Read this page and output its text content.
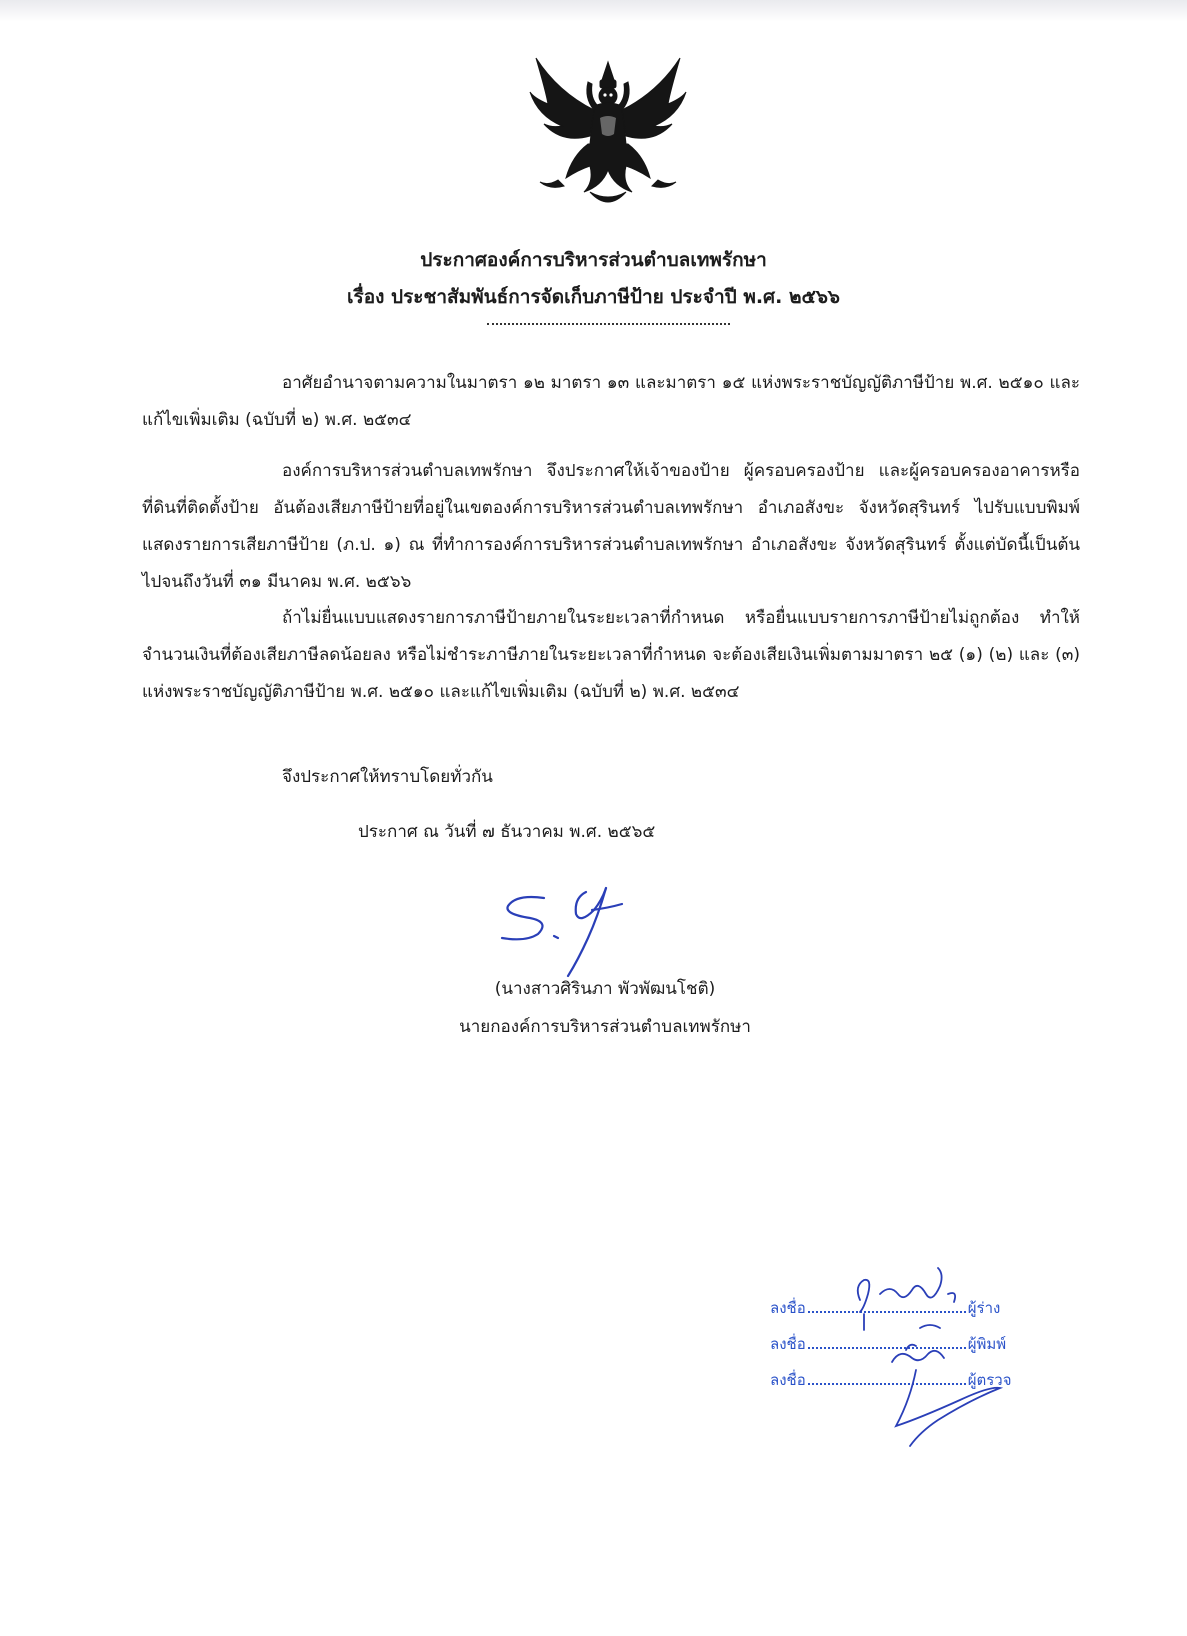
ประกาศองค์การบริหารส่วนตำบลเทพรักษา
เรื่อง ประชาสัมพันธ์การจัดเก็บภาษีป้าย ประจำปี พ.ศ. ๒๕๖๖

อาศัยอำนาจตามความในมาตรา ๑๒ มาตรา ๑๓ และมาตรา ๑๕ แห่งพระราชบัญญัติภาษีป้าย พ.ศ. ๒๕๑๐ และแก้ไขเพิ่มเติม (ฉบับที่ ๒) พ.ศ. ๒๕๓๔

องค์การบริหารส่วนตำบลเทพรักษา จึงประกาศให้เจ้าของป้าย ผู้ครอบครองป้าย และผู้ครอบครองอาคารหรือที่ดินที่ติดตั้งป้าย อันต้องเสียภาษีป้ายที่อยู่ในเขตองค์การบริหารส่วนตำบลเทพรักษา อำเภอสังขะ จังหวัดสุรินทร์ ไปรับแบบพิมพ์แสดงรายการเสียภาษีป้าย (ภ.ป. ๑) ณ ที่ทำการองค์การบริหารส่วนตำบลเทพรักษา อำเภอสังขะ จังหวัดสุรินทร์ ตั้งแต่บัดนี้เป็นต้นไปจนถึงวันที่ ๓๑ มีนาคม พ.ศ. ๒๕๖๖

ถ้าไม่ยื่นแบบแสดงรายการภาษีป้ายภายในระยะเวลาที่กำหนด หรือยื่นแบบรายการภาษีป้ายไม่ถูกต้อง ทำให้จำนวนเงินที่ต้องเสียภาษีลดน้อยลง หรือไม่ชำระภาษีภายในระยะเวลาที่กำหนด จะต้องเสียเงินเพิ่มตามมาตรา ๒๕ (๑) (๒) และ (๓) แห่งพระราชบัญญัติภาษีป้าย พ.ศ. ๒๕๑๐ และแก้ไขเพิ่มเติม (ฉบับที่ ๒) พ.ศ. ๒๕๓๔

จึงประกาศให้ทราบโดยทั่วกัน
ประกาศ ณ วันที่ ๗ ธันวาคม พ.ศ. ๒๕๖๕
(นางสาวศิรินภา พัวพัฒนโชติ)
นายกองค์การบริหารส่วนตำบลเทพรักษา
ลงชื่อ	ผู้ร่าง
ลงชื่อ	ผู้พิมพ์
ลงชื่อ	ผู้ตรวจ
